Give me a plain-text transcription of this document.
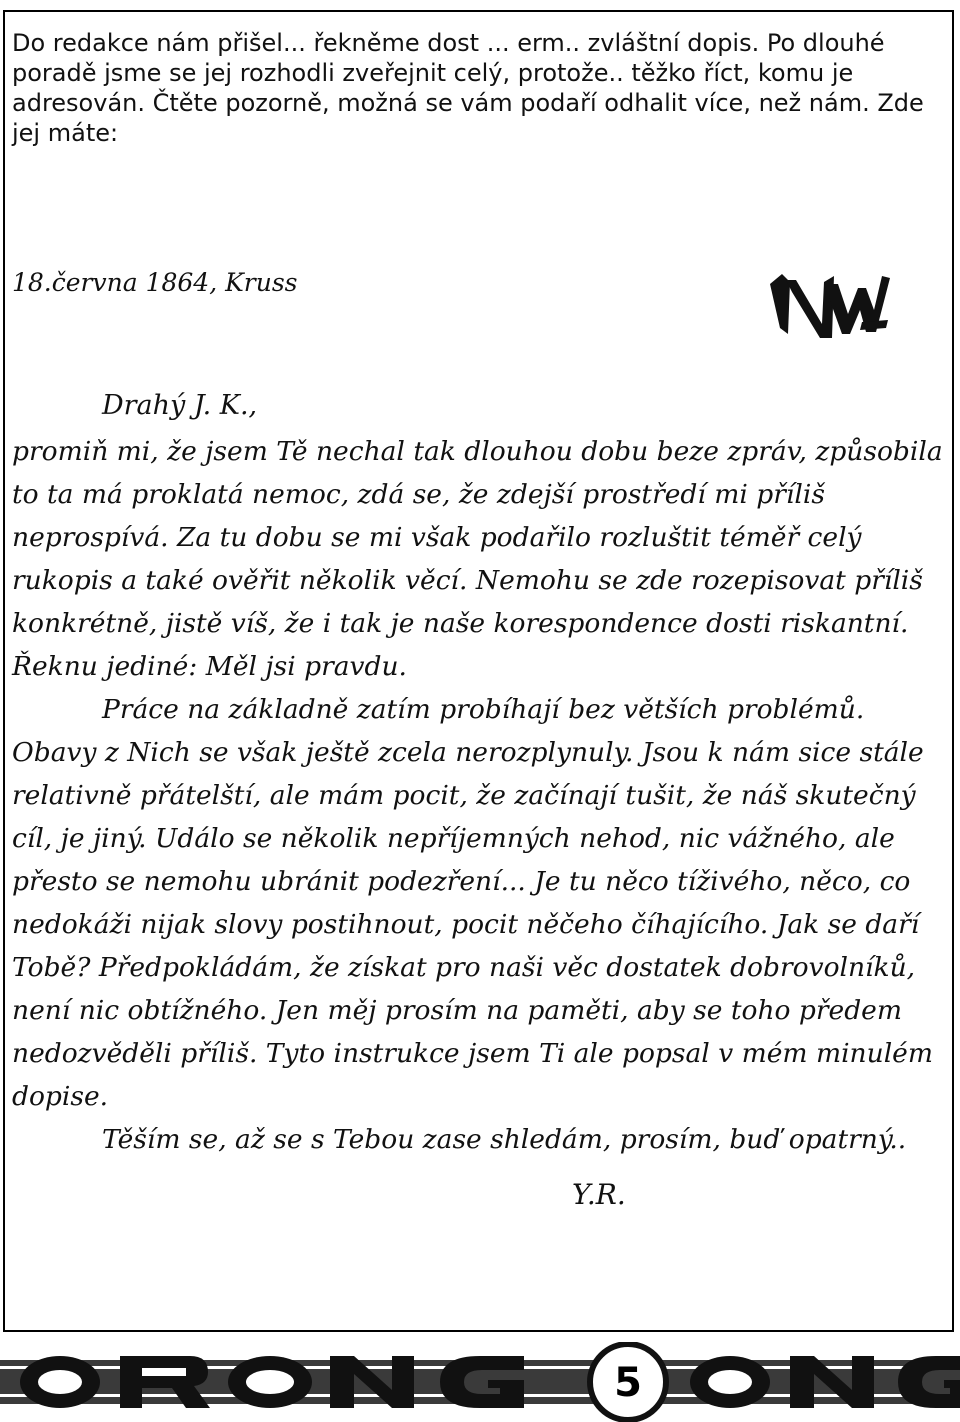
Do redakce nám přišel... řekněme dost ... erm.. zvláštní dopis. Po dlouhé poradě jsme se jej rozhodli zveřejnit celý, protože.. těžko říct, komu je adresován. Čtěte pozorně, možná se vám podaří odhalit více, než nám. Zde jej máte:

18.června 1864, Kruss

Drahý J. K.,

promiň mi, že jsem Tě nechal tak dlouhou dobu beze zpráv, způsobila to ta má proklatá nemoc, zdá se, že zdejší prostředí mi příliš neprospívá. Za tu dobu se mi však podařilo rozluštit téměř celý rukopis a také ověřit několik věcí. Nemohu se zde rozepisovat příliš konkrétně, jistě víš, že i tak je naše korespondence dosti riskantní. Řeknu jediné: Měl jsi pravdu.

Práce na základně zatím probíhají bez větších problémů. Obavy z Nich se však ještě zcela nerozplynuly. Jsou k nám sice stále relativně přátelští, ale mám pocit, že začínají tušit, že náš skutečný cíl, je jiný. Událo se několik nepříjemných nehod, nic vážného, ale přesto se nemohu ubránit podezření... Je tu něco tíživého, něco, co nedokáži nijak slovy postihnout, pocit něčeho číhajícího. Jak se daří Tobě? Předpokládám, že získat pro naši věc dostatek dobrovolníků, není nic obtížného. Jen měj prosím na paměti, aby se toho předem nedozvěděli příliš. Tyto instrukce jsem Ti ale popsal v mém minulém dopise.

Těším se, až se s Tebou zase shledám, prosím, buď opatrný..

Y.R.

5
